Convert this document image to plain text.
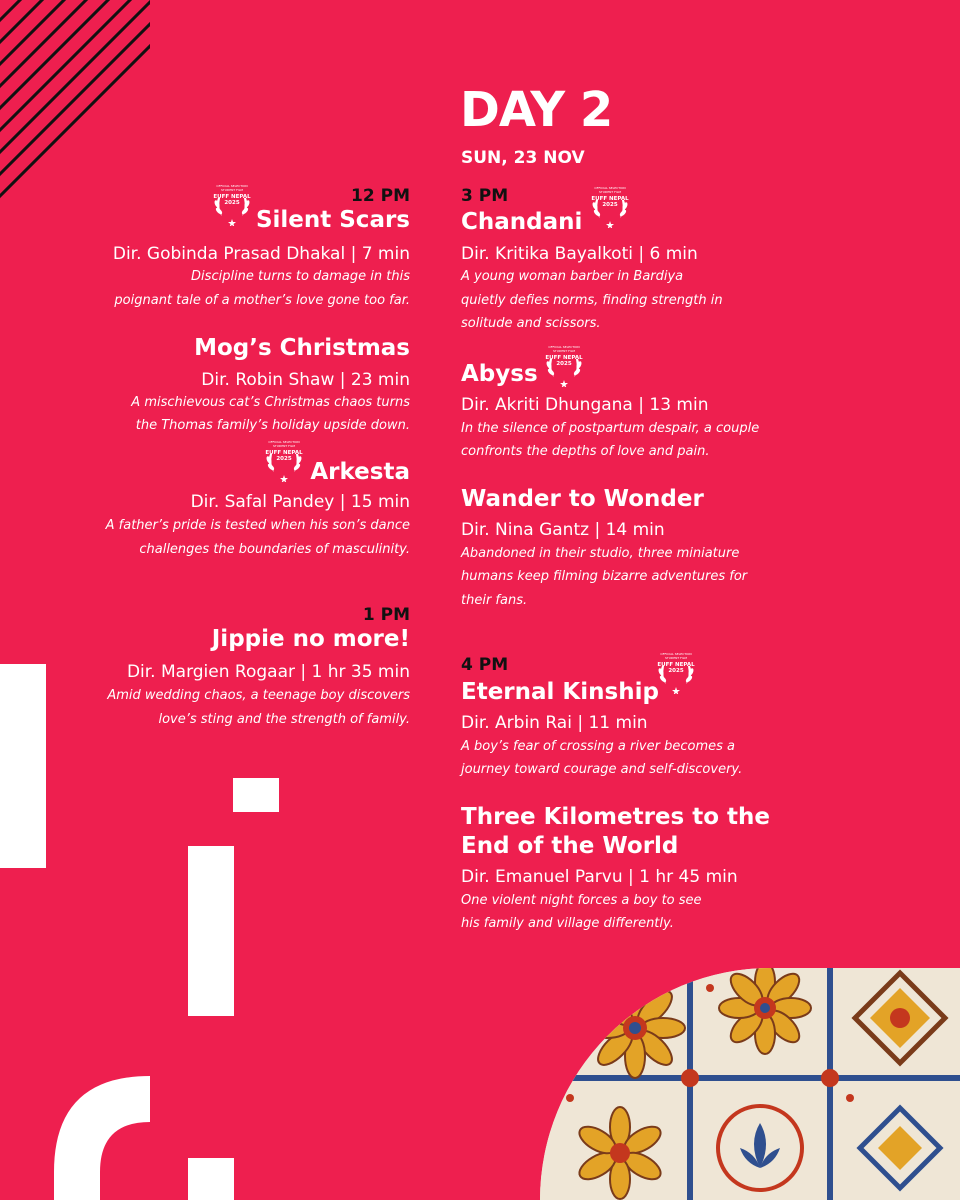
DAY 2
SUN, 23 NOV
12 PM
OFFICIAL SELECTION
STUDENT FILM
EUFF NEPAL
2025
Silent Scars
Dir. Gobinda Prasad Dhakal | 7 min
Discipline turns to damage in this
poignant tale of a mother’s love gone too far.
Mog’s Christmas
Dir. Robin Shaw | 23 min
A mischievous cat’s Christmas chaos turns
the Thomas family’s holiday upside down.
OFFICIAL SELECTION
STUDENT FILM
EUFF NEPAL
2025 Arkesta
Dir. Safal Pandey | 15 min
A father’s pride is tested when his son’s dance
challenges the boundaries of masculinity.
1 PM
Jippie no more!
Dir. Margien Rogaar | 1 hr 35 min
Amid wedding chaos, a teenage boy discovers
love’s sting and the strength of family.
3 PM
Chandani
OFFICIAL SELECTION
STUDENT FILM
EUFF NEPAL
2025
Dir. Kritika Bayalkoti | 6 min
A young woman barber in Bardiya
quietly defies norms, finding strength in
solitude and scissors.
Abyss
OFFICIAL SELECTION
STUDENT FILM
EUFF NEPAL
2025
Dir. Akriti Dhungana | 13 min
In the silence of postpartum despair, a couple
confronts the depths of love and pain.
Wander to Wonder
Dir. Nina Gantz | 14 min
Abandoned in their studio, three miniature
humans keep filming bizarre adventures for
their fans.
4 PM
OFFICIAL SELECTION
STUDENT FILM
EUFF NEPAL
2025
Eternal Kinship
Dir. Arbin Rai | 11 min
A boy’s fear of crossing a river becomes a
journey toward courage and self-discovery.
Three Kilometres to the
End of the World
Dir. Emanuel Parvu | 1 hr 45 min
One violent night forces a boy to see
his family and village differently.
